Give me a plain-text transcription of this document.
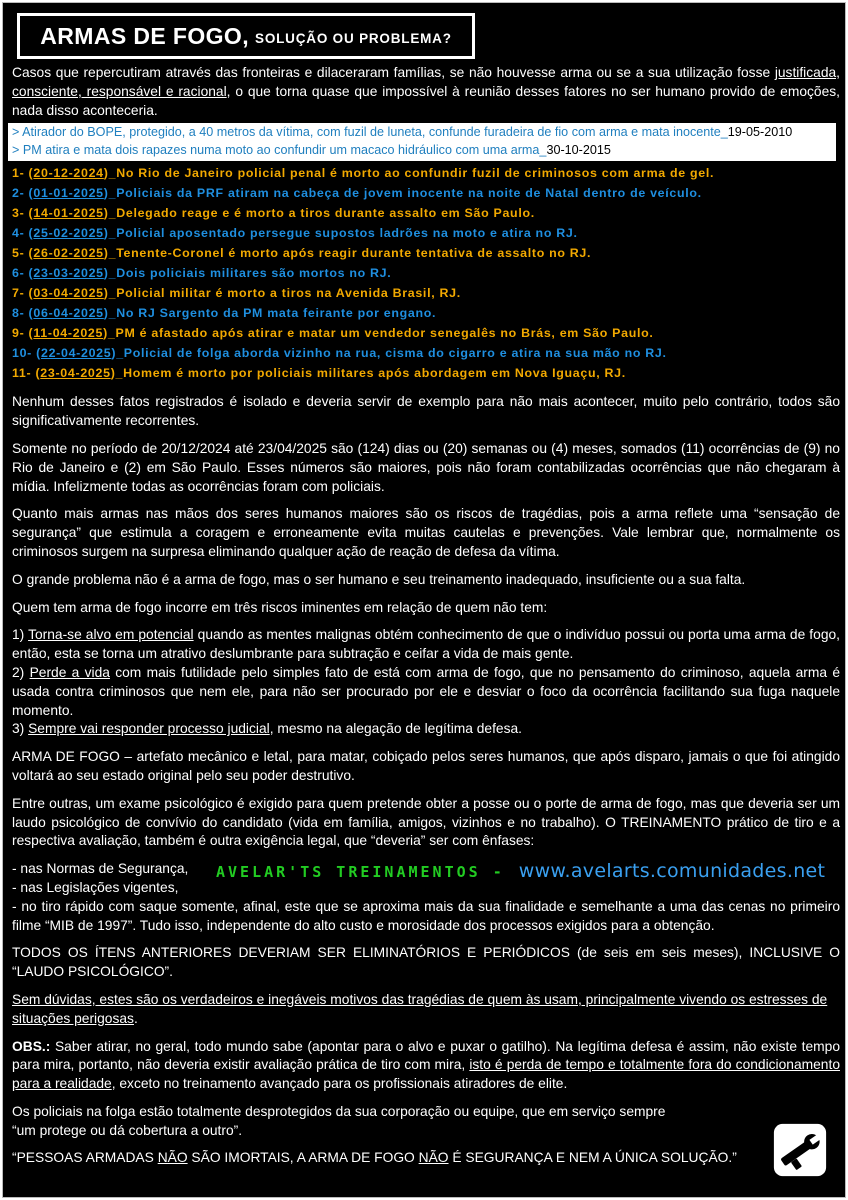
ARMAS DE FOGO, SOLUÇÃO OU PROBLEMA?

Casos que repercutiram através das fronteiras e dilaceraram famílias, se não houvesse arma ou se a sua utilização fosse justificada, consciente, responsável e racional, o que torna quase que impossível à reunião desses fatores no ser humano provido de emoções, nada disso aconteceria.

> Atirador do BOPE, protegido, a 40 metros da vítima, com fuzil de luneta, confunde furadeira de fio com arma e mata inocente_19-05-2010
> PM atira e mata dois rapazes numa moto ao confundir um macaco hidráulico com uma arma_30-10-2015
1- (20-12-2024)_No Rio de Janeiro policial penal é morto ao confundir fuzil de criminosos com arma de gel.
2- (01-01-2025)_Policiais da PRF atiram na cabeça de jovem inocente na noite de Natal dentro de veículo.
3- (14-01-2025)_Delegado reage e é morto a tiros durante assalto em São Paulo.
4- (25-02-2025)_Policial aposentado persegue supostos ladrões na moto e atira no RJ.
5- (26-02-2025)_Tenente-Coronel é morto após reagir durante tentativa de assalto no RJ.
6- (23-03-2025)_Dois policiais militares são mortos no RJ.
7- (03-04-2025)_Policial militar é morto a tiros na Avenida Brasil, RJ.
8- (06-04-2025)_No RJ Sargento da PM mata feirante por engano.
9- (11-04-2025)_PM é afastado após atirar e matar um vendedor senegalês no Brás, em São Paulo.
10- (22-04-2025)_Policial de folga aborda vizinho na rua, cisma do cigarro e atira na sua mão no RJ.
11- (23-04-2025)_Homem é morto por policiais militares após abordagem em Nova Iguaçu, RJ.

Nenhum desses fatos registrados é isolado e deveria servir de exemplo para não mais acontecer, muito pelo contrário, todos são significativamente recorrentes.

Somente no período de 20/12/2024 até 23/04/2025 são (124) dias ou (20) semanas ou (4) meses, somados (11) ocorrências de (9) no Rio de Janeiro e (2) em São Paulo. Esses números são maiores, pois não foram contabilizadas ocorrências que não chegaram à mídia. Infelizmente todas as ocorrências foram com policiais.

Quanto mais armas nas mãos dos seres humanos maiores são os riscos de tragédias, pois a arma reflete uma “sensação de segurança” que estimula a coragem e erroneamente evita muitas cautelas e prevenções. Vale lembrar que, normalmente os criminosos surgem na surpresa eliminando qualquer ação de reação de defesa da vítima.

O grande problema não é a arma de fogo, mas o ser humano e seu treinamento inadequado, insuficiente ou a sua falta.

Quem tem arma de fogo incorre em três riscos iminentes em relação de quem não tem:

1) Torna-se alvo em potencial quando as mentes malignas obtém conhecimento de que o indivíduo possui ou porta uma arma de fogo, então, esta se torna um atrativo deslumbrante para subtração e ceifar a vida de mais gente.
2) Perde a vida com mais futilidade pelo simples fato de está com arma de fogo, que no pensamento do criminoso, aquela arma é usada contra criminosos que nem ele, para não ser procurado por ele e desviar o foco da ocorrência facilitando sua fuga naquele momento.
3) Sempre vai responder processo judicial, mesmo na alegação de legítima defesa.

ARMA DE FOGO – artefato mecânico e letal, para matar, cobiçado pelos seres humanos, que após disparo, jamais o que foi atingido voltará ao seu estado original pelo seu poder destrutivo.

Entre outras, um exame psicológico é exigido para quem pretende obter a posse ou o porte de arma de fogo, mas que deveria ser um laudo psicológico de convívio do candidato (vida em família, amigos, vizinhos e no trabalho). O TREINAMENTO prático de tiro e a respectiva avaliação, também é outra exigência legal, que “deveria” ser com ênfases:

- nas Normas de Segurança,
- nas Legislações vigentes,
- no tiro rápido com saque somente, afinal, este que se aproxima mais da sua finalidade e semelhante a uma das cenas no primeiro filme “MIB de 1997”. Tudo isso, independente do alto custo e morosidade dos processos exigidos para a obtenção.
AVELAR'TS TREINAMENTOS - www.avelarts.comunidades.net

TODOS OS ÍTENS ANTERIORES DEVERIAM SER ELIMINATÓRIOS E PERIÓDICOS (de seis em seis meses), INCLUSIVE O “LAUDO PSICOLÓGICO”.

Sem dúvidas, estes são os verdadeiros e inegáveis motivos das tragédias de quem às usam, principalmente vivendo os estresses de situações perigosas.

OBS.: Saber atirar, no geral, todo mundo sabe (apontar para o alvo e puxar o gatilho). Na legítima defesa é assim, não existe tempo para mira, portanto, não deveria existir avaliação prática de tiro com mira, isto é perda de tempo e totalmente fora do condicionamento para a realidade, exceto no treinamento avançado para os profissionais atiradores de elite.

Os policiais na folga estão totalmente desprotegidos da sua corporação ou equipe, que em serviço sempre
“um protege ou dá cobertura a outro”.

“PESSOAS ARMADAS NÃO SÃO IMORTAIS, A ARMA DE FOGO NÃO É SEGURANÇA E NEM A ÚNICA SOLUÇÃO.”
